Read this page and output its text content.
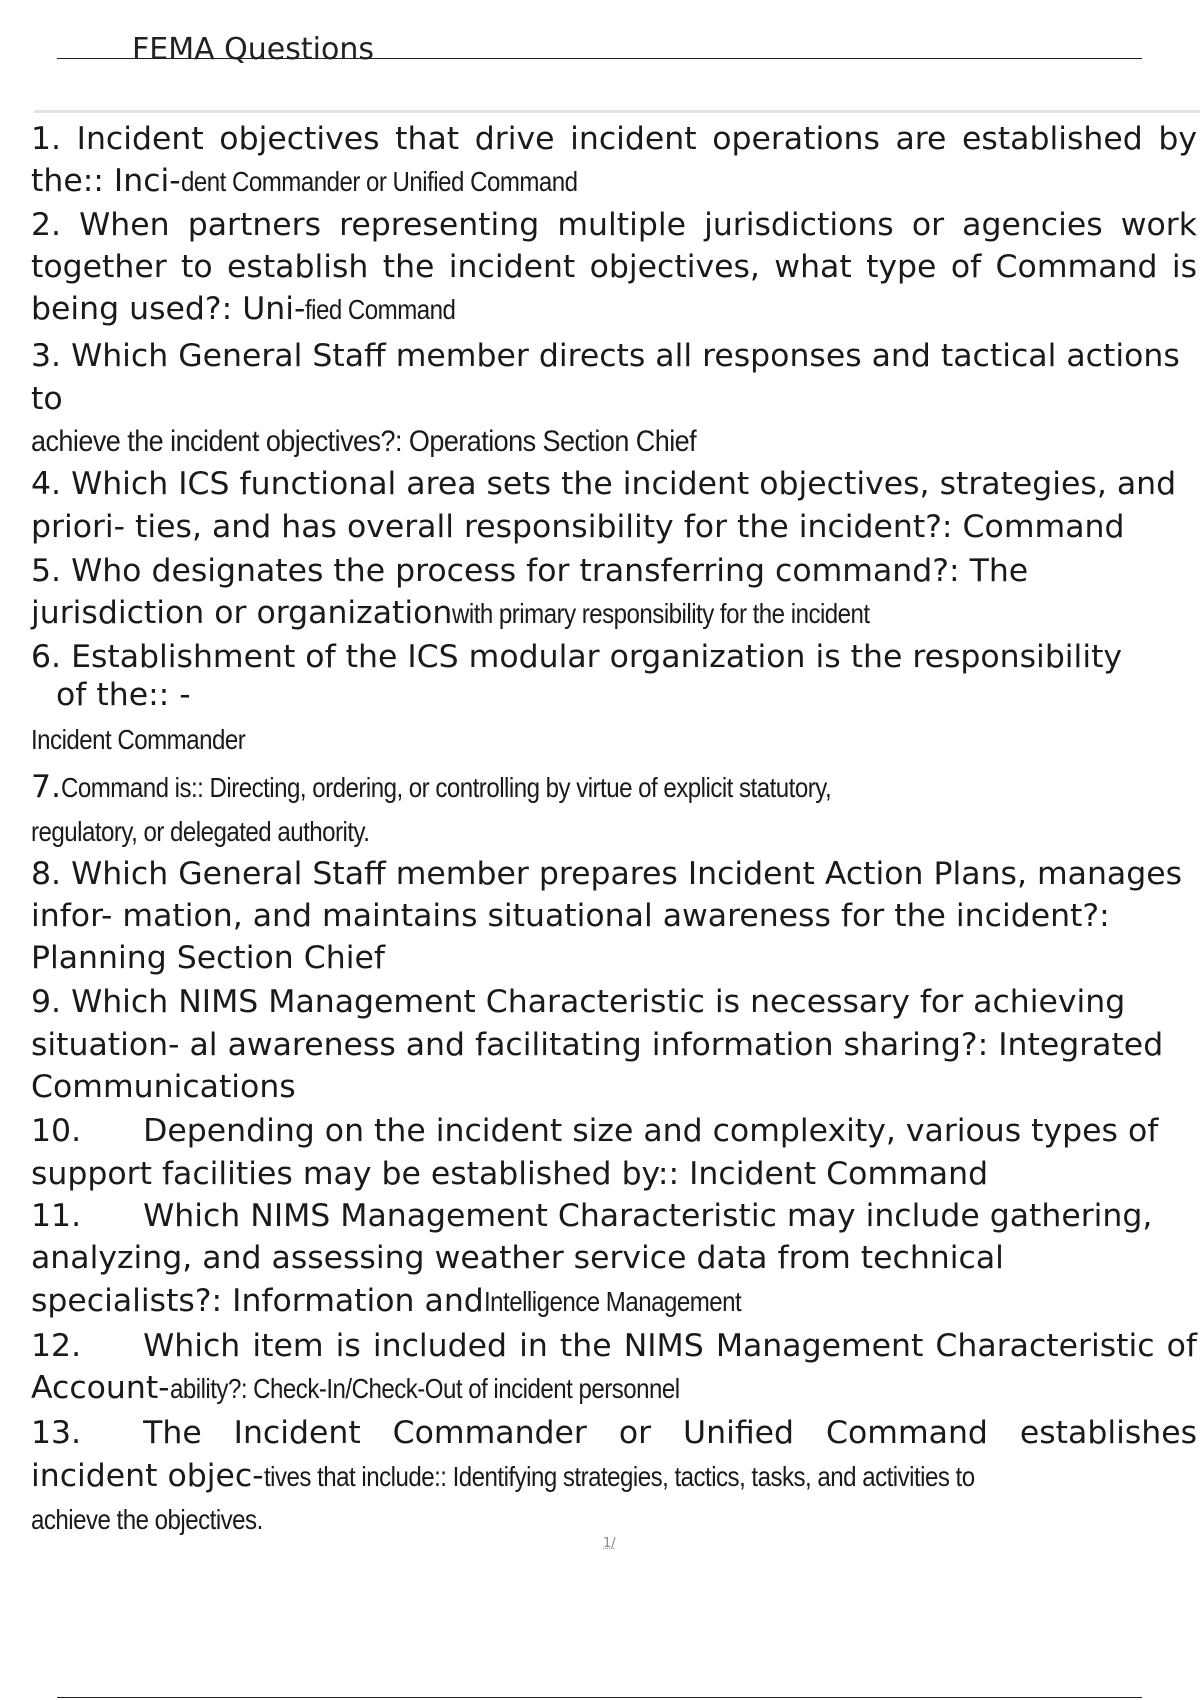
FEMA Questions

1. Incident objectives that drive incident operations are established by the:: Inci-dent Commander or Unified Command

2. When partners representing multiple jurisdictions or agencies work together to establish the incident objectives, what type of Command is being used?: Uni-fied Command

3. Which General Staff member directs all responses and tactical actions to
achieve the incident objectives?: Operations Section Chief

4. Which ICS functional area sets the incident objectives, strategies, and priori- ties, and has overall responsibility for the incident?: Command

5. Who designates the process for transferring command?: The jurisdiction or organizationwith primary responsibility for the incident

6. Establishment of the ICS modular organization is the responsibility

of the:: -

Incident Commander

7.Command is:: Directing, ordering, or controlling by virtue of explicit statutory,

regulatory, or delegated authority.

8. Which General Staff member prepares Incident Action Plans, manages infor- mation, and maintains situational awareness for the incident?: Planning Section Chief

9. Which NIMS Management Characteristic is necessary for achieving situation- al awareness and facilitating information sharing?: Integrated Communications

10. Depending on the incident size and complexity, various types of support facilities may be established by:: Incident Command

11. Which NIMS Management Characteristic may include gathering, analyzing, and assessing weather service data from technical specialists?: Information andIntelligence Management

12. Which item is included in the NIMS Management Characteristic of Account-ability?: Check-In/Check-Out of incident personnel

13. The Incident Commander or Unified Command establishes incident objec-tives that include:: Identifying strategies, tactics, tasks, and activities to

achieve the objectives.

1/
